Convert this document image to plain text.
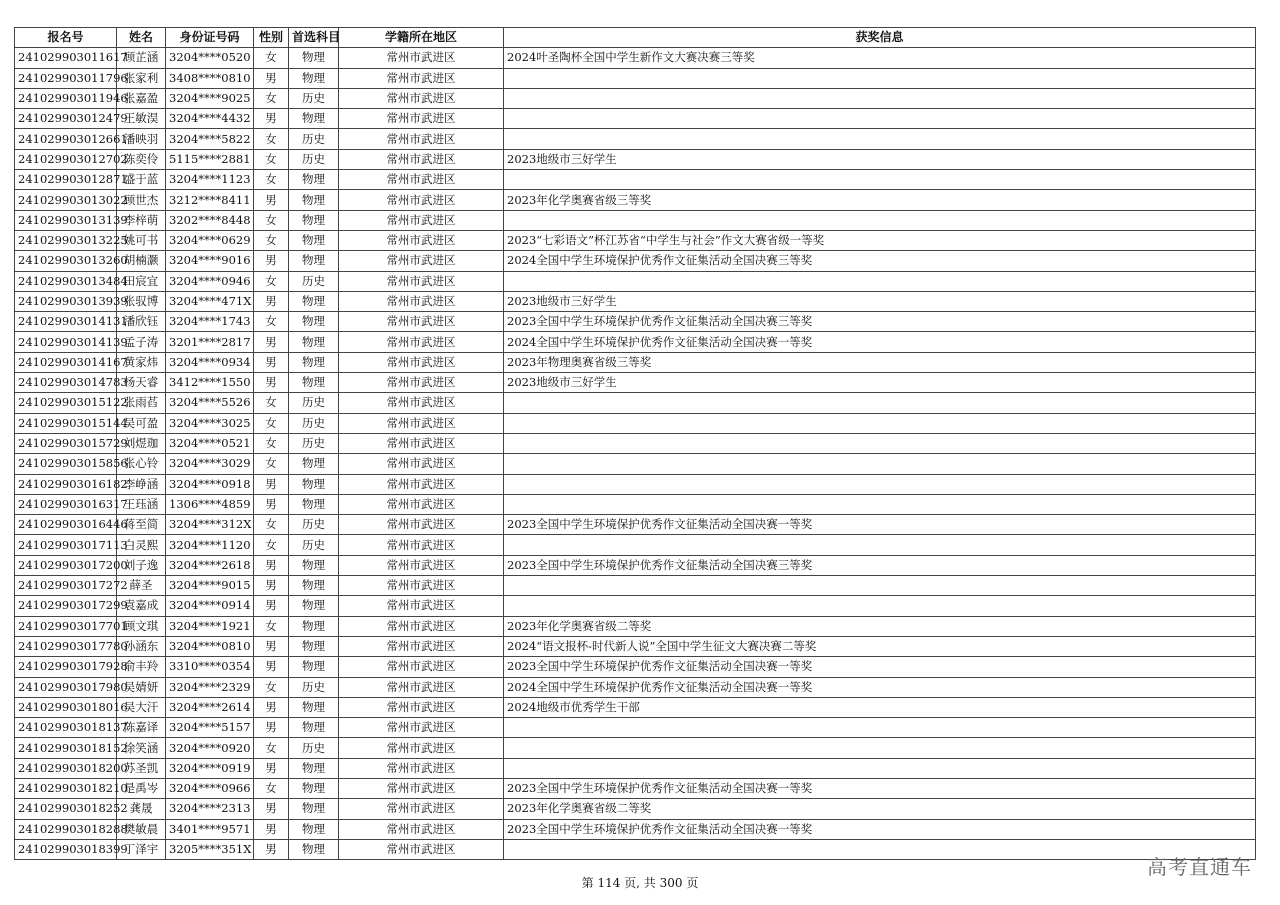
报名号	姓名	身份证号码	性别	首选科目	学籍所在地区	获奖信息
241029903011617	顾芷涵	3204****0520	女	物理	常州市武进区	2024叶圣陶杯全国中学生新作文大赛决赛三等奖
241029903011796	张家利	3408****0810	男	物理	常州市武进区	
241029903011946	张嘉盈	3204****9025	女	历史	常州市武进区	
241029903012479	王敏淏	3204****4432	男	物理	常州市武进区	
241029903012661	潘映羽	3204****5822	女	历史	常州市武进区	
241029903012702	陈奕伶	5115****2881	女	历史	常州市武进区	2023地级市三好学生
241029903012871	盛于蓝	3204****1123	女	物理	常州市武进区	
241029903013022	顾世杰	3212****8411	男	物理	常州市武进区	2023年化学奥赛省级三等奖
241029903013139	李梓萌	3202****8448	女	物理	常州市武进区	
241029903013225	姚可书	3204****0629	女	物理	常州市武进区	2023“七彩语文”杯江苏省“中学生与社会”作文大赛省级一等奖
241029903013260	胡楠灏	3204****9016	男	物理	常州市武进区	2024全国中学生环境保护优秀作文征集活动全国决赛三等奖
241029903013484	田宸宜	3204****0946	女	历史	常州市武进区	
241029903013939	张驭博	3204****471X	男	物理	常州市武进区	2023地级市三好学生
241029903014131	潘欣钰	3204****1743	女	物理	常州市武进区	2023全国中学生环境保护优秀作文征集活动全国决赛三等奖
241029903014139	孟子涛	3201****2817	男	物理	常州市武进区	2024全国中学生环境保护优秀作文征集活动全国决赛一等奖
241029903014167	黄家炜	3204****0934	男	物理	常州市武进区	2023年物理奥赛省级三等奖
241029903014783	杨天睿	3412****1550	男	物理	常州市武进区	2023地级市三好学生
241029903015122	张雨萏	3204****5526	女	历史	常州市武进区	
241029903015144	吴可盈	3204****3025	女	历史	常州市武进区	
241029903015729	刘煜珈	3204****0521	女	历史	常州市武进区	
241029903015856	张心铃	3204****3029	女	物理	常州市武进区	
241029903016182	李峥涵	3204****0918	男	物理	常州市武进区	
241029903016317	王珏涵	1306****4859	男	物理	常州市武进区	
241029903016446	蒋至简	3204****312X	女	历史	常州市武进区	2023全国中学生环境保护优秀作文征集活动全国决赛一等奖
241029903017113	白灵熙	3204****1120	女	历史	常州市武进区	
241029903017200	刘子逸	3204****2618	男	物理	常州市武进区	2023全国中学生环境保护优秀作文征集活动全国决赛三等奖
241029903017272	薛圣	3204****9015	男	物理	常州市武进区	
241029903017299	袁嘉成	3204****0914	男	物理	常州市武进区	
241029903017701	顾文琪	3204****1921	女	物理	常州市武进区	2023年化学奥赛省级二等奖
241029903017780	孙涵东	3204****0810	男	物理	常州市武进区	2024“语文报杯-时代新人说”全国中学生征文大赛决赛二等奖
241029903017928	俞丰羚	3310****0354	男	物理	常州市武进区	2023全国中学生环境保护优秀作文征集活动全国决赛一等奖
241029903017980	吴婧妍	3204****2329	女	历史	常州市武进区	2024全国中学生环境保护优秀作文征集活动全国决赛一等奖
241029903018016	吴大汗	3204****2614	男	物理	常州市武进区	2024地级市优秀学生干部
241029903018137	陈嘉译	3204****5157	男	物理	常州市武进区	
241029903018152	徐笑涵	3204****0920	女	历史	常州市武进区	
241029903018200	苏圣凯	3204****0919	男	物理	常州市武进区	
241029903018210	是禹岑	3204****0966	女	物理	常州市武进区	2023全国中学生环境保护优秀作文征集活动全国决赛一等奖
241029903018252	龚晟	3204****2313	男	物理	常州市武进区	2023年化学奥赛省级二等奖
241029903018288	樊敏晨	3401****9571	男	物理	常州市武进区	2023全国中学生环境保护优秀作文征集活动全国决赛一等奖
241029903018399	丁泽宇	3205****351X	男	物理	常州市武进区	
第 114 页, 共 300 页
高考直通车
